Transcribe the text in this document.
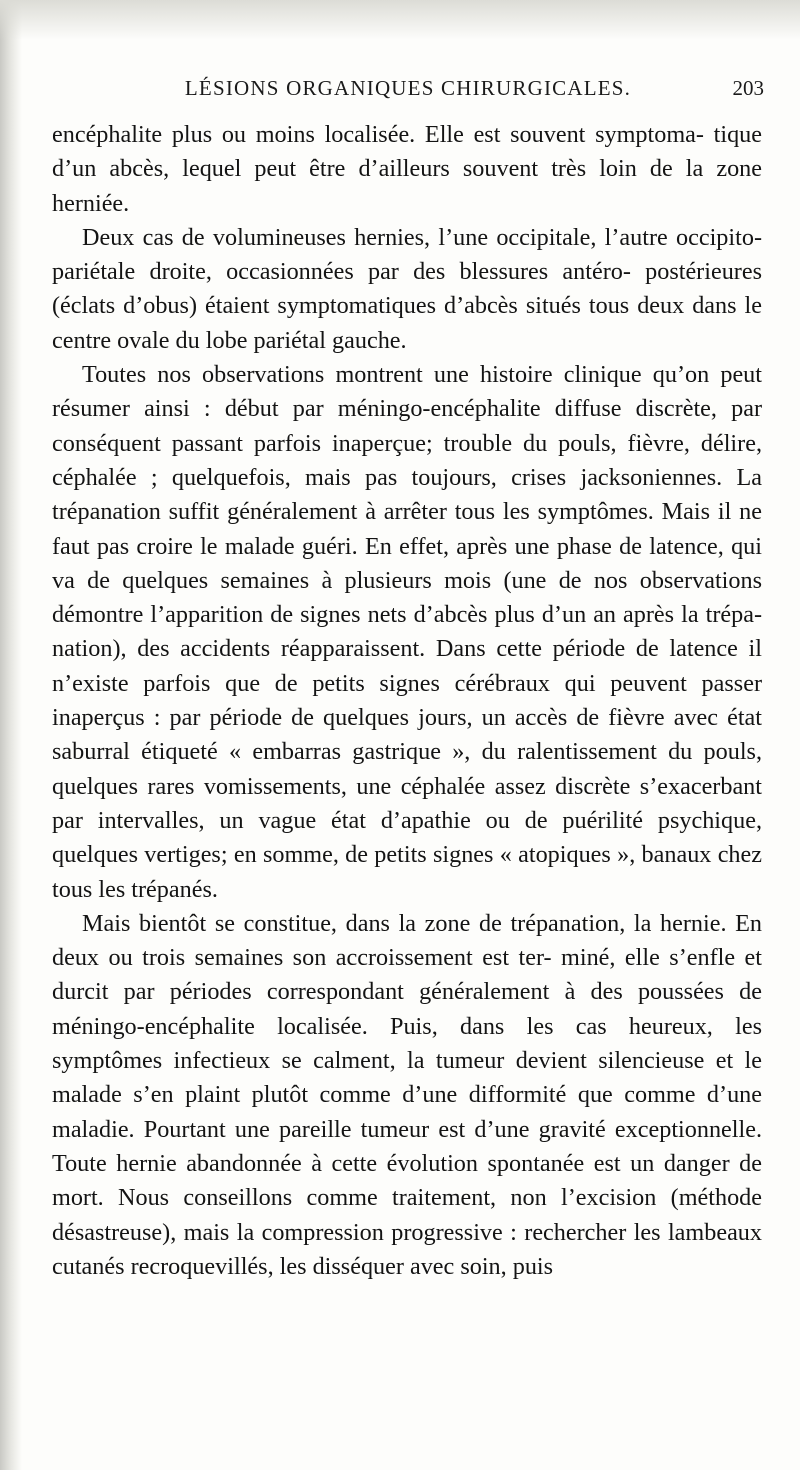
LÉSIONS ORGANIQUES CHIRURGICALES.	203

encéphalite plus ou moins localisée. Elle est souvent symptoma- tique d’un abcès, lequel peut être d’ailleurs souvent très loin de la zone herniée.

Deux cas de volumineuses hernies, l’une occipitale, l’autre occipito-pariétale droite, occasionnées par des blessures antéro- postérieures (éclats d’obus) étaient symptomatiques d’abcès situés tous deux dans le centre ovale du lobe pariétal gauche.

Toutes nos observations montrent une histoire clinique qu’on peut résumer ainsi : début par méningo-encéphalite diffuse discrète, par conséquent passant parfois inaperçue; trouble du pouls, fièvre, délire, céphalée ; quelquefois, mais pas toujours, crises jacksoniennes. La trépanation suffit généralement à arrêter tous les symptômes. Mais il ne faut pas croire le malade guéri. En effet, après une phase de latence, qui va de quelques semaines à plusieurs mois (une de nos observations démontre l’apparition de signes nets d’abcès plus d’un an après la trépa- nation), des accidents réapparaissent. Dans cette période de latence il n’existe parfois que de petits signes cérébraux qui peuvent passer inaperçus : par période de quelques jours, un accès de fièvre avec état saburral étiqueté « embarras gastrique », du ralentissement du pouls, quelques rares vomissements, une céphalée assez discrète s’exacerbant par intervalles, un vague état d’apathie ou de puérilité psychique, quelques vertiges; en somme, de petits signes « atopiques », banaux chez tous les trépanés.

Mais bientôt se constitue, dans la zone de trépanation, la hernie. En deux ou trois semaines son accroissement est ter- miné, elle s’enfle et durcit par périodes correspondant généralement à des poussées de méningo-encéphalite localisée. Puis, dans les cas heureux, les symptômes infectieux se calment, la tumeur devient silencieuse et le malade s’en plaint plutôt comme d’une difformité que comme d’une maladie. Pourtant une pareille tumeur est d’une gravité exceptionnelle. Toute hernie abandonnée à cette évolution spontanée est un danger de mort. Nous conseillons comme traitement, non l’excision (méthode désastreuse), mais la compression progressive : rechercher les lambeaux cutanés recroquevillés, les disséquer avec soin, puis
